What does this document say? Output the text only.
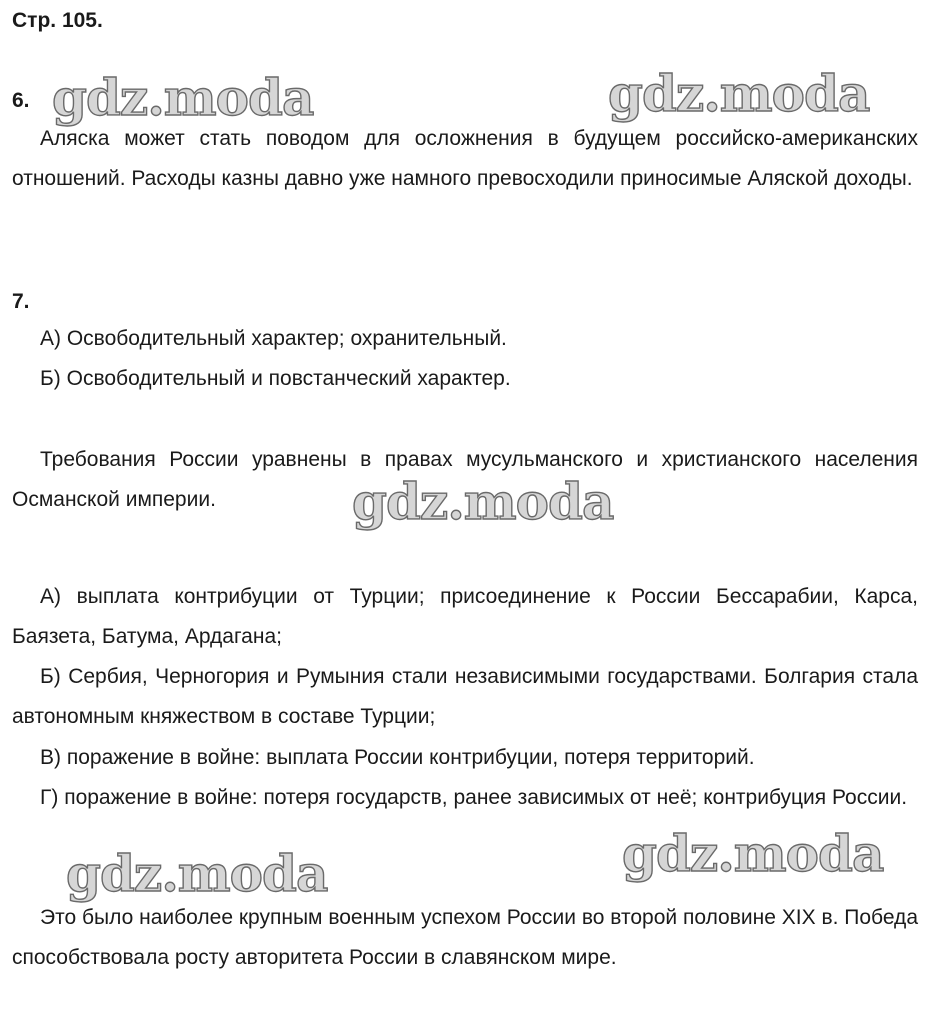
Стр. 105.
6.

Аляска может стать поводом для осложнения в будущем российско-американских отношений. Расходы казны давно уже намного превосходили приносимые Аляской доходы.

7.

А) Освободительный характер; охранительный.

Б) Освободительный и повстанческий характер.

Требования России уравнены в правах мусульманского и христианского населения Османской империи.

А) выплата контрибуции от Турции; присоединение к России Бессарабии, Карса, Баязета, Батума, Ардагана;

Б) Сербия, Черногория и Румыния стали независимыми государствами. Болгария стала автономным княжеством в составе Турции;

В) поражение в войне: выплата России контрибуции, потеря территорий.

Г) поражение в войне: потеря государств, ранее зависимых от неё; контрибуция России.

Это было наиболее крупным военным успехом России во второй половине XIX в. Победа способствовала росту авторитета России в славянском мире.

gdz.moda	gdz.moda
gdz.moda
gdz.moda	gdz.moda
